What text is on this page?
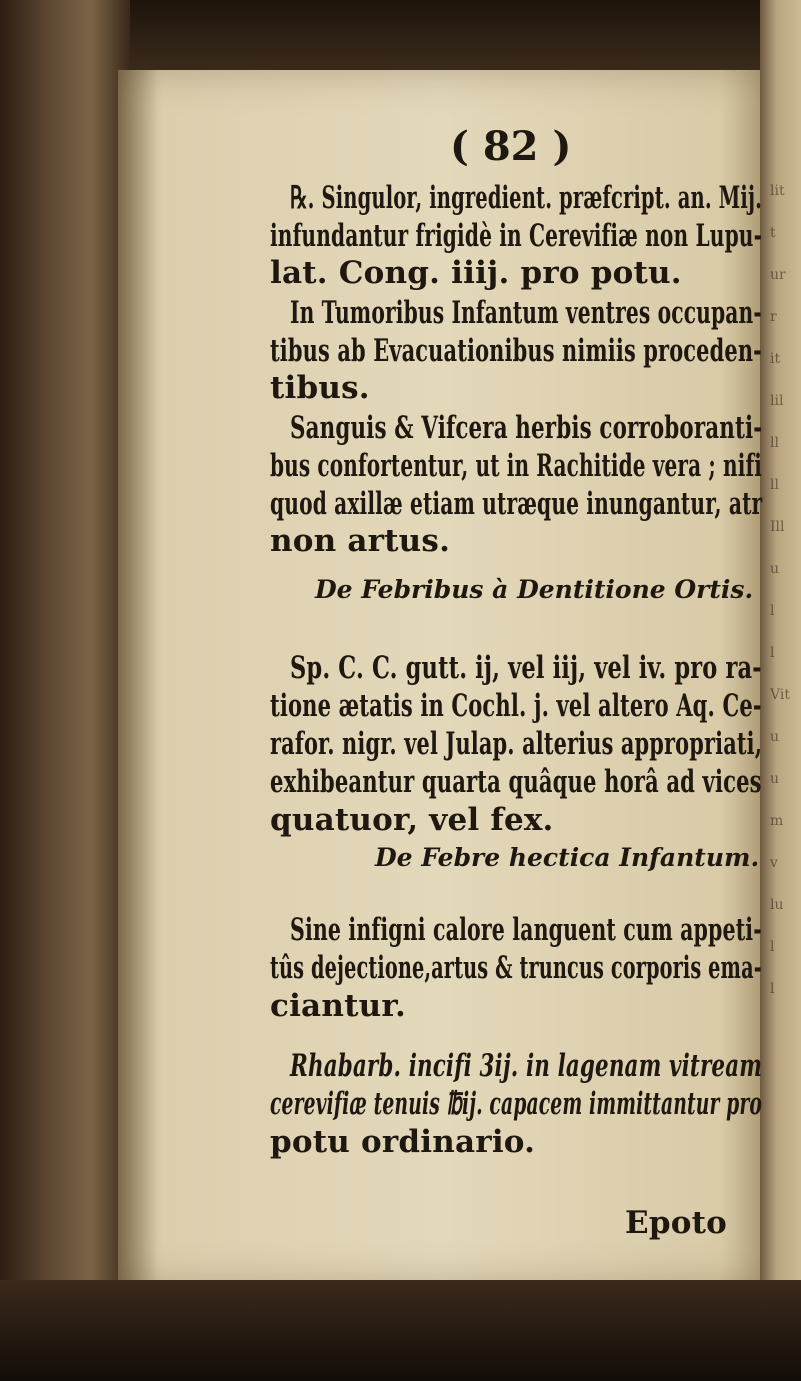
lit
t
ur
r
it
lil
ll
ll
Ill
u
l
l
Vit
u
u
m
v
lu
l
l
( 82 )
℞. Singulor, ingredient. præfcript. an. Mij.
infundantur frigidè in Cerevifiæ non Lupu-
lat. Cong. iiij. pro potu.
In Tumoribus Infantum ventres occupan-
tibus ab Evacuationibus nimiis proceden-
tibus.
Sanguis & Vifcera herbis corroboranti-
bus confortentur, ut in Rachitide vera ; nifi
quod axillæ etiam utræque inungantur, atr
non artus.
De Febribus à Dentitione Ortis.
Sp. C. C. gutt. ij, vel iij, vel iv. pro ra-
tione ætatis in Cochl. j. vel altero Aq. Ce-
rafor. nigr. vel Julap. alterius appropriati,
exhibeantur quarta quâque horâ ad vices
quatuor, vel fex.
De Febre hectica Infantum.
Sine infigni calore languent cum appeti-
tûs dejectione,artus & truncus corporis ema-
ciantur.
Rhabarb. incifi 3ij. in lagenam vitream
cerevifiæ tenuis ℔ij. capacem immittantur pro
potu ordinario.
Epoto
